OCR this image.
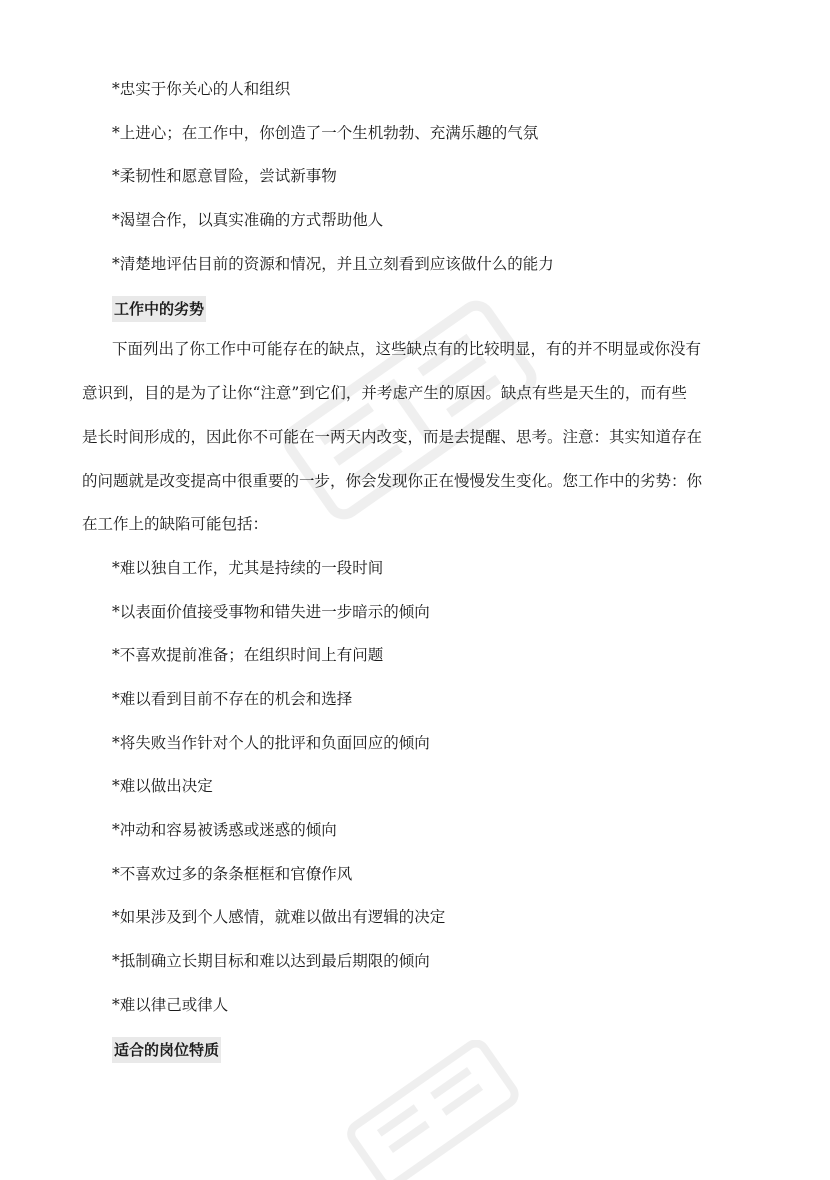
*忠实于你关心的人和组织
*上进心；在工作中，你创造了一个生机勃勃、充满乐趣的气氛
*柔韧性和愿意冒险，尝试新事物
*渴望合作，以真实准确的方式帮助他人
*清楚地评估目前的资源和情况，并且立刻看到应该做什么的能力
工作中的劣势
下面列出了你工作中可能存在的缺点，这些缺点有的比较明显，有的并不明显或你没有
意识到，目的是为了让你“注意”到它们，并考虑产生的原因。缺点有些是天生的，而有些
是长时间形成的，因此你不可能在一两天内改变，而是去提醒、思考。注意：其实知道存在
的问题就是改变提高中很重要的一步，你会发现你正在慢慢发生变化。您工作中的劣势：你
在工作上的缺陷可能包括：
*难以独自工作，尤其是持续的一段时间
*以表面价值接受事物和错失进一步暗示的倾向
*不喜欢提前准备；在组织时间上有问题
*难以看到目前不存在的机会和选择
*将失败当作针对个人的批评和负面回应的倾向
*难以做出决定
*冲动和容易被诱惑或迷惑的倾向
*不喜欢过多的条条框框和官僚作风
*如果涉及到个人感情，就难以做出有逻辑的决定
*抵制确立长期目标和难以达到最后期限的倾向
*难以律己或律人
适合的岗位特质
